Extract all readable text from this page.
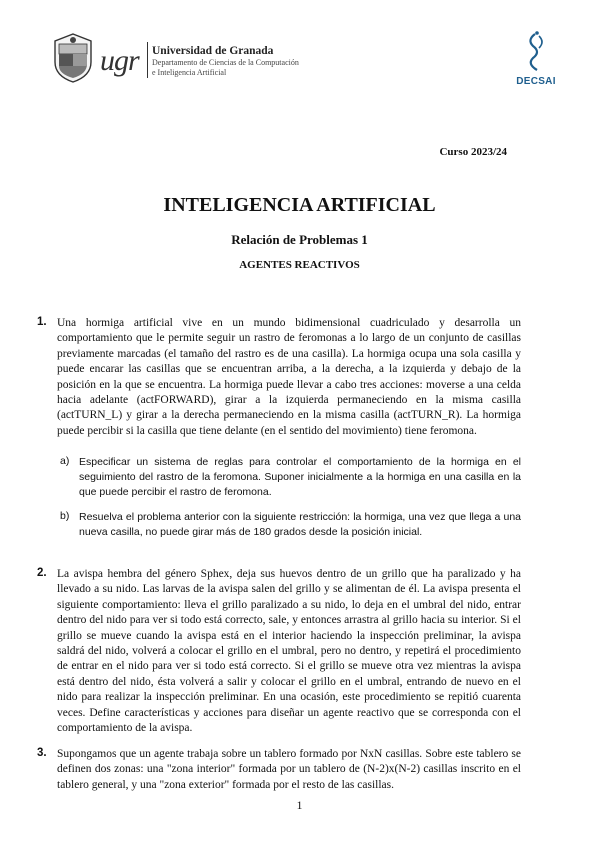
ugr Universidad de Granada
Departamento de Ciencias de la Computación
e Inteligencia Artificial
DECSAI
Curso 2023/24
INTELIGENCIA ARTIFICIAL
Relación de Problemas 1
AGENTES REACTIVOS
1. Una hormiga artificial vive en un mundo bidimensional cuadriculado y desarrolla un comportamiento que le permite seguir un rastro de feromonas a lo largo de un conjunto de casillas previamente marcadas (el tamaño del rastro es de una casilla). La hormiga ocupa una sola casilla y puede encarar las casillas que se encuentran arriba, a la derecha, a la izquierda y debajo de la posición en la que se encuentra. La hormiga puede llevar a cabo tres acciones: moverse a una celda hacia adelante (actFORWARD), girar a la izquierda permaneciendo en la misma casilla (actTURN_L) y girar a la derecha permaneciendo en la misma casilla (actTURN_R). La hormiga puede percibir si la casilla que tiene delante (en el sentido del movimiento) tiene feromona.
a) Especificar un sistema de reglas para controlar el comportamiento de la hormiga en el seguimiento del rastro de la feromona. Suponer inicialmente a la hormiga en una casilla en la que puede percibir el rastro de feromona.
b) Resuelva el problema anterior con la siguiente restricción: la hormiga, una vez que llega a una nueva casilla, no puede girar más de 180 grados desde la posición inicial.
2. La avispa hembra del género Sphex, deja sus huevos dentro de un grillo que ha paralizado y ha llevado a su nido. Las larvas de la avispa salen del grillo y se alimentan de él. La avispa presenta el siguiente comportamiento: lleva el grillo paralizado a su nido, lo deja en el umbral del nido, entrar dentro del nido para ver si todo está correcto, sale, y entonces arrastra al grillo hacia su interior. Si el grillo se mueve cuando la avispa está en el interior haciendo la inspección preliminar, la avispa saldrá del nido, volverá a colocar el grillo en el umbral, pero no dentro, y repetirá el procedimiento de entrar en el nido para ver si todo está correcto. Si el grillo se mueve otra vez mientras la avispa está dentro del nido, ésta volverá a salir y colocar el grillo en el umbral, entrando de nuevo en el nido para realizar la inspección preliminar. En una ocasión, este procedimiento se repitió cuarenta veces. Define características y acciones para diseñar un agente reactivo que se corresponda con el comportamiento de la avispa.
3. Supongamos que un agente trabaja sobre un tablero formado por NxN casillas. Sobre este tablero se definen dos zonas: una "zona interior" formada por un tablero de (N-2)x(N-2) casillas inscrito en el tablero general, y una "zona exterior" formada por el resto de las casillas.
1
